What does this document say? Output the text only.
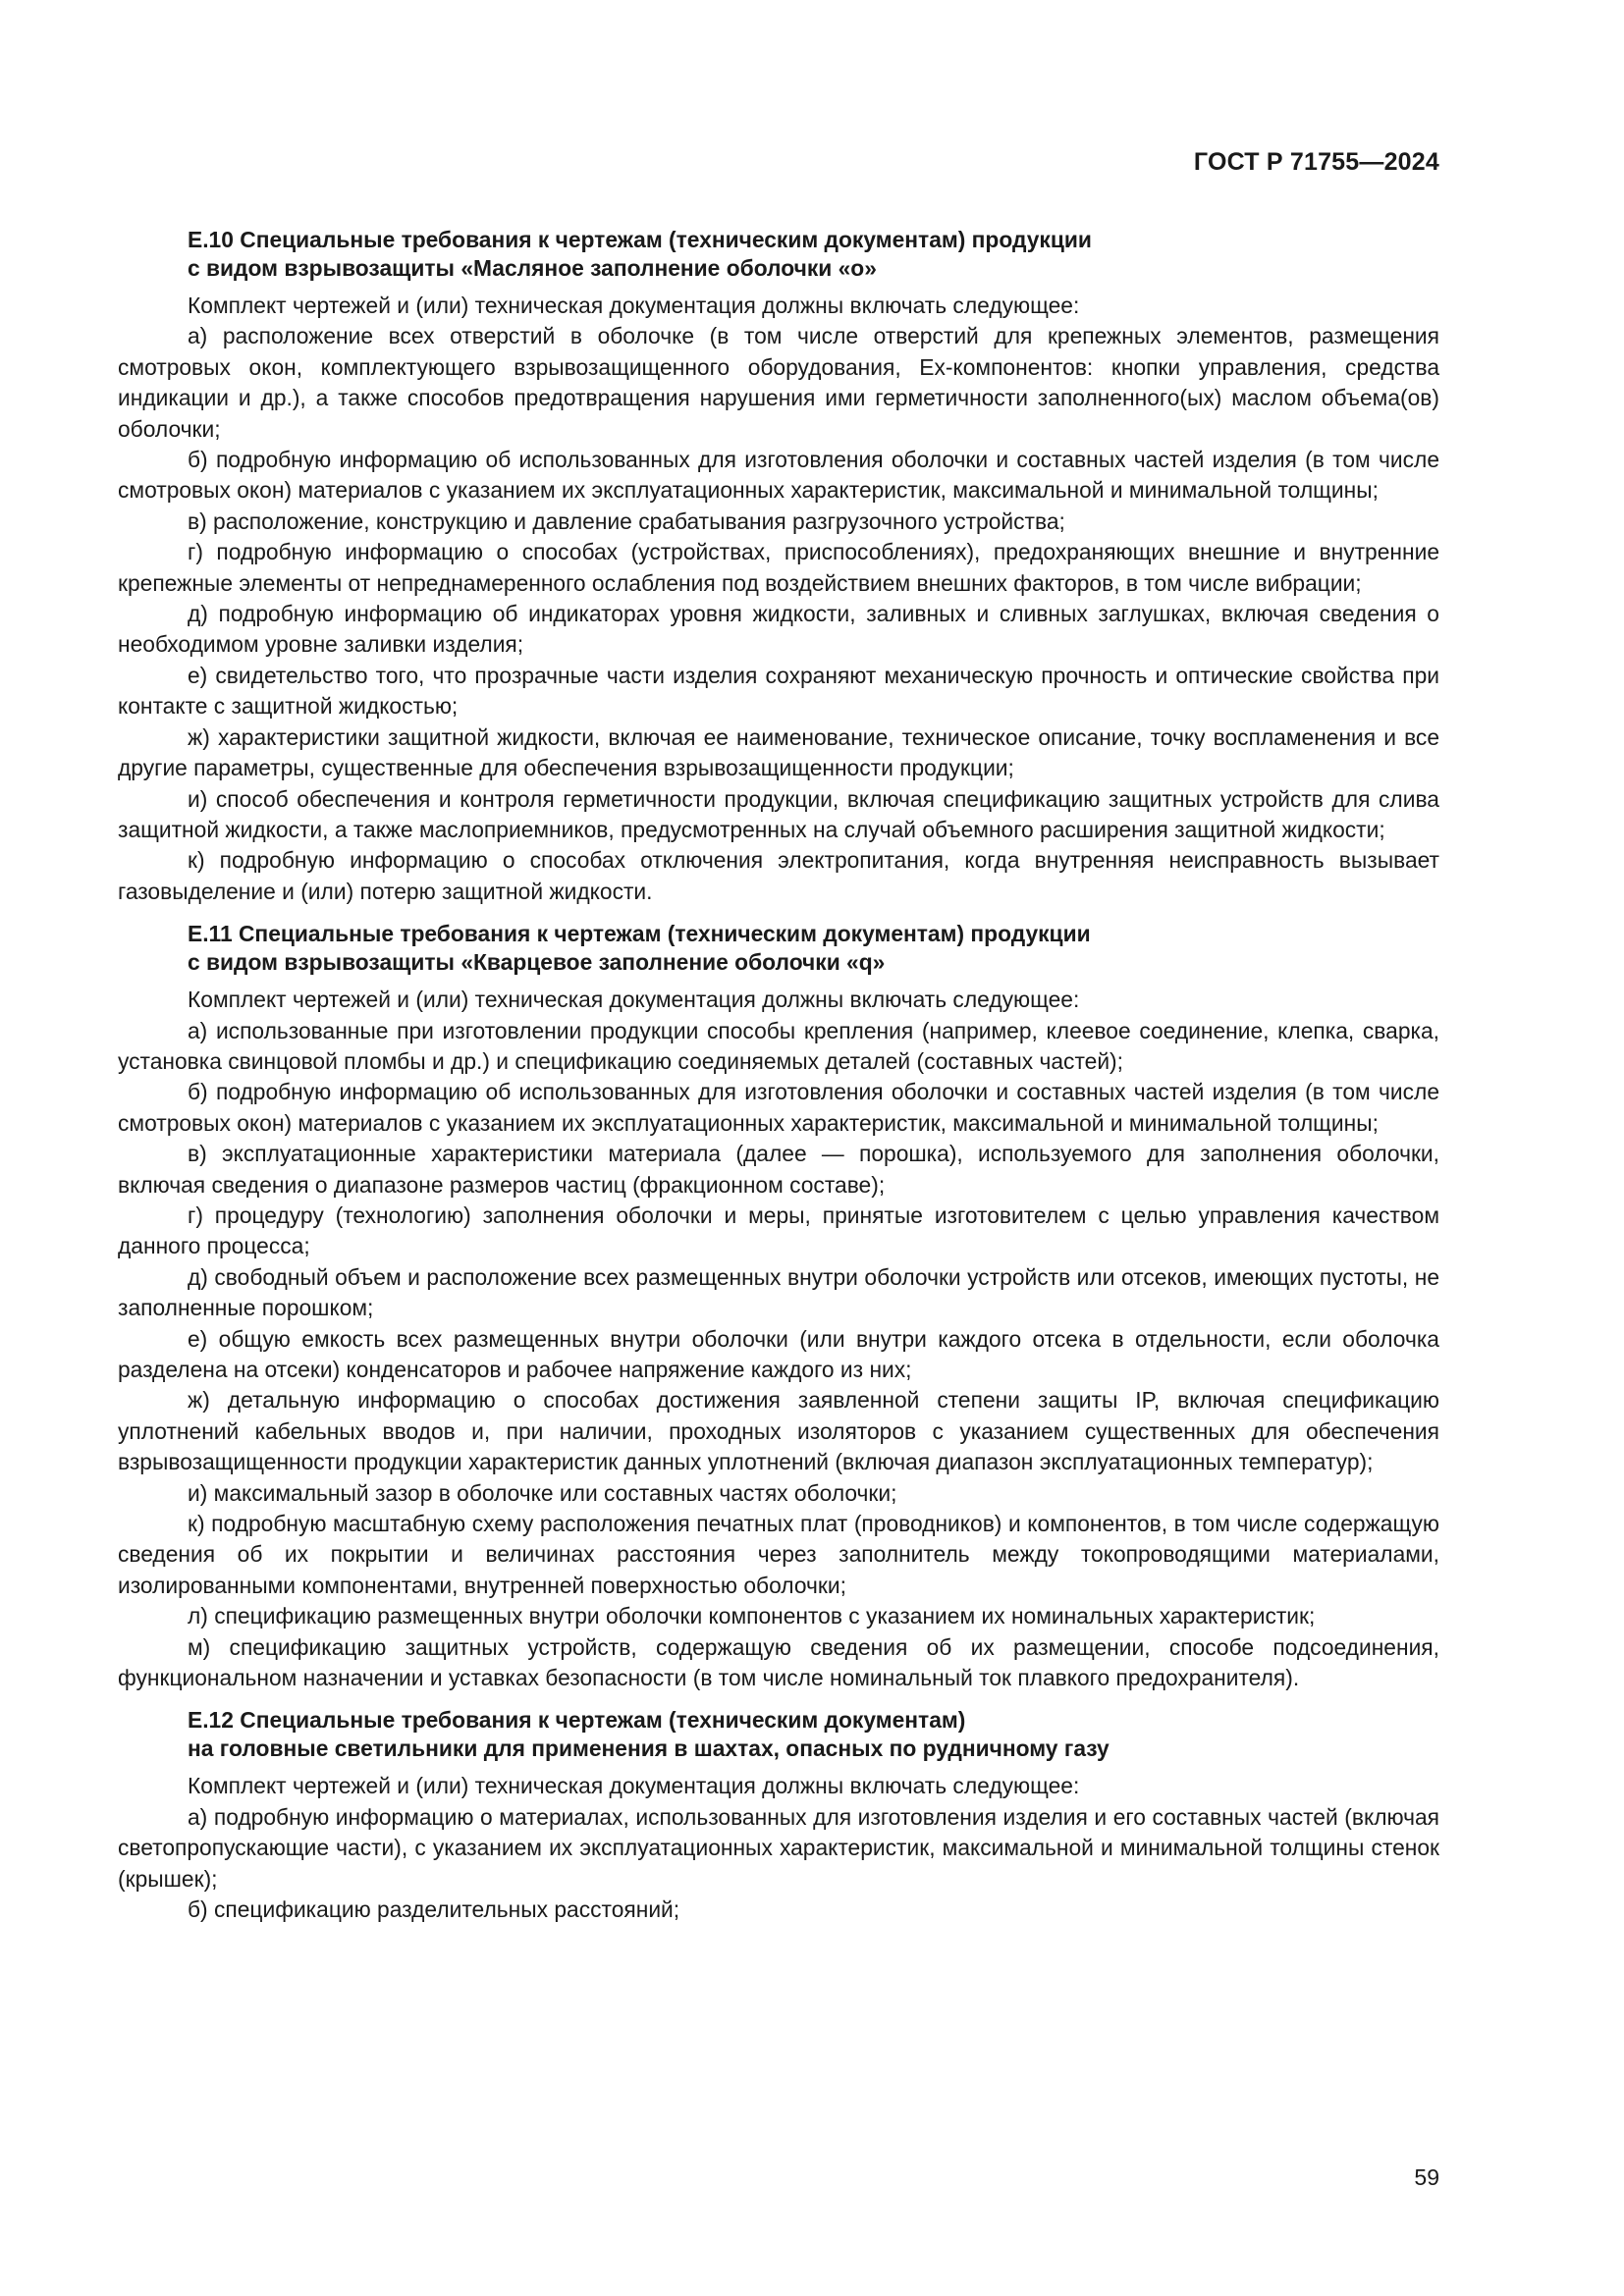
ГОСТ Р 71755—2024
Е.10 Специальные требования к чертежам (техническим документам) продукции
с видом взрывозащиты «Масляное заполнение оболочки «o»

Комплект чертежей и (или) техническая документация должны включать следующее:

а) расположение всех отверстий в оболочке (в том числе отверстий для крепежных элементов, размещения смотровых окон, комплектующего взрывозащищенного оборудования, Ex-компонентов: кнопки управления, средства индикации и др.), а также способов предотвращения нарушения ими герметичности заполненного(ых) маслом объема(ов) оболочки;

б) подробную информацию об использованных для изготовления оболочки и составных частей изделия (в том числе смотровых окон) материалов с указанием их эксплуатационных характеристик, максимальной и минимальной толщины;

в) расположение, конструкцию и давление срабатывания разгрузочного устройства;

г) подробную информацию о способах (устройствах, приспособлениях), предохраняющих внешние и внутренние крепежные элементы от непреднамеренного ослабления под воздействием внешних факторов, в том числе вибрации;

д) подробную информацию об индикаторах уровня жидкости, заливных и сливных заглушках, включая сведения о необходимом уровне заливки изделия;

е) свидетельство того, что прозрачные части изделия сохраняют механическую прочность и оптические свойства при контакте с защитной жидкостью;

ж) характеристики защитной жидкости, включая ее наименование, техническое описание, точку воспламенения и все другие параметры, существенные для обеспечения взрывозащищенности продукции;

и) способ обеспечения и контроля герметичности продукции, включая спецификацию защитных устройств для слива защитной жидкости, а также маслоприемников, предусмотренных на случай объемного расширения защитной жидкости;

к) подробную информацию о способах отключения электропитания, когда внутренняя неисправность вызывает газовыделение и (или) потерю защитной жидкости.

Е.11 Специальные требования к чертежам (техническим документам) продукции
с видом взрывозащиты «Кварцевое заполнение оболочки «q»

Комплект чертежей и (или) техническая документация должны включать следующее:

а) использованные при изготовлении продукции способы крепления (например, клеевое соединение, клепка, сварка, установка свинцовой пломбы и др.) и спецификацию соединяемых деталей (составных частей);

б) подробную информацию об использованных для изготовления оболочки и составных частей изделия (в том числе смотровых окон) материалов с указанием их эксплуатационных характеристик, максимальной и минимальной толщины;

в) эксплуатационные характеристики материала (далее — порошка), используемого для заполнения оболочки, включая сведения о диапазоне размеров частиц (фракционном составе);

г) процедуру (технологию) заполнения оболочки и меры, принятые изготовителем с целью управления качеством данного процесса;

д) свободный объем и расположение всех размещенных внутри оболочки устройств или отсеков, имеющих пустоты, не заполненные порошком;

е) общую емкость всех размещенных внутри оболочки (или внутри каждого отсека в отдельности, если оболочка разделена на отсеки) конденсаторов и рабочее напряжение каждого из них;

ж) детальную информацию о способах достижения заявленной степени защиты IP, включая спецификацию уплотнений кабельных вводов и, при наличии, проходных изоляторов с указанием существенных для обеспечения взрывозащищенности продукции характеристик данных уплотнений (включая диапазон эксплуатационных температур);

и) максимальный зазор в оболочке или составных частях оболочки;

к) подробную масштабную схему расположения печатных плат (проводников) и компонентов, в том числе содержащую сведения об их покрытии и величинах расстояния через заполнитель между токопроводящими материалами, изолированными компонентами, внутренней поверхностью оболочки;

л) спецификацию размещенных внутри оболочки компонентов с указанием их номинальных характеристик;

м) спецификацию защитных устройств, содержащую сведения об их размещении, способе подсоединения, функциональном назначении и уставках безопасности (в том числе номинальный ток плавкого предохранителя).

Е.12 Специальные требования к чертежам (техническим документам)
на головные светильники для применения в шахтах, опасных по рудничному газу

Комплект чертежей и (или) техническая документация должны включать следующее:

а) подробную информацию о материалах, использованных для изготовления изделия и его составных частей (включая светопропускающие части), с указанием их эксплуатационных характеристик, максимальной и минимальной толщины стенок (крышек);

б) спецификацию разделительных расстояний;

59
